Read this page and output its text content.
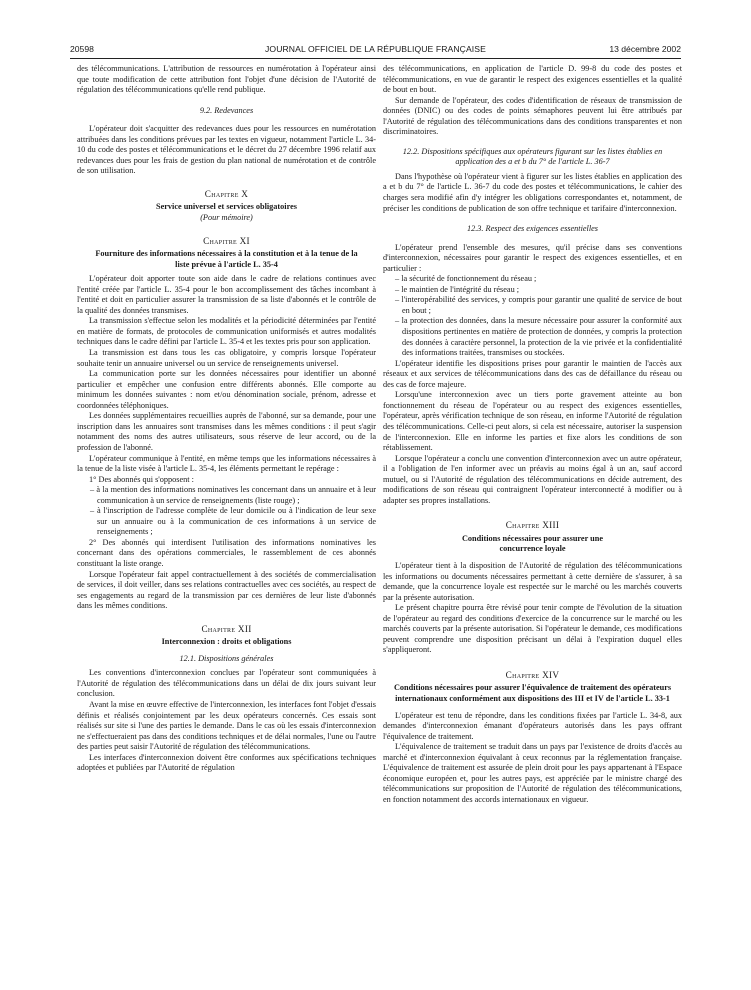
20598	JOURNAL OFFICIEL DE LA RÉPUBLIQUE FRANÇAISE	13 décembre 2002

des télécommunications. L'attribution de ressources en numérotation à l'opérateur ainsi que toute modification de cette attribution font l'objet d'une décision de l'Autorité de régulation des télécommunications qu'elle rend publique.

9.2. Redevances

L'opérateur doit s'acquitter des redevances dues pour les ressources en numérotation attribuées dans les conditions prévues par les textes en vigueur, notamment l'article L. 34-10 du code des postes et télécommunications et le décret du 27 décembre 1996 relatif aux redevances dues pour les frais de gestion du plan national de numérotation et de contrôle de son utilisation.

Chapitre X
Service universel et services obligatoires
(Pour mémoire)
Chapitre XI
Fourniture des informations nécessaires à la constitution et à la tenue de la liste prévue à l'article L. 35-4

L'opérateur doit apporter toute son aide dans le cadre de relations continues avec l'entité créée par l'article L. 35-4 pour le bon accomplissement des tâches incombant à l'entité et doit en particulier assurer la transmission de sa liste d'abonnés et le contrôle de la qualité des données transmises.

La transmission s'effectue selon les modalités et la périodicité déterminées par l'entité en matière de formats, de protocoles de communication uniformisés et autres modalités techniques dans le cadre défini par l'article L. 35-4 et les textes pris pour son application.

La transmission est dans tous les cas obligatoire, y compris lorsque l'opérateur souhaite tenir un annuaire universel ou un service de renseignements universel.

La communication porte sur les données nécessaires pour identifier un abonné particulier et empêcher une confusion entre différents abonnés. Elle comporte au minimum les données suivantes : nom et/ou dénomination sociale, prénom, adresse et coordonnées téléphoniques.

Les données supplémentaires recueillies auprès de l'abonné, sur sa demande, pour une inscription dans les annuaires sont transmises dans les mêmes conditions : il peut s'agir notamment des noms des autres utilisateurs, sous réserve de leur accord, ou de la profession de l'abonné.

L'opérateur communique à l'entité, en même temps que les informations nécessaires à la tenue de la liste visée à l'article L. 35-4, les éléments permettant le repérage :

1° Des abonnés qui s'opposent :

– à la mention des informations nominatives les concernant dans un annuaire et à leur communication à un service de renseignements (liste rouge) ;

– à l'inscription de l'adresse complète de leur domicile ou à l'indication de leur sexe sur un annuaire ou à la communication de ces informations à un service de renseignements ;

2° Des abonnés qui interdisent l'utilisation des informations nominatives les concernant dans des opérations commerciales, le rassemblement de ces abonnés constituant la liste orange.

Lorsque l'opérateur fait appel contractuellement à des sociétés de commercialisation de services, il doit veiller, dans ses relations contractuelles avec ces sociétés, au respect de ses engagements au regard de la transmission par ces dernières de leur liste d'abonnés dans les mêmes conditions.

Chapitre XII
Interconnexion : droits et obligations
12.1. Dispositions générales

Les conventions d'interconnexion conclues par l'opérateur sont communiquées à l'Autorité de régulation des télécommunications dans un délai de dix jours suivant leur conclusion.

Avant la mise en œuvre effective de l'interconnexion, les interfaces font l'objet d'essais définis et réalisés conjointement par les deux opérateurs concernés. Ces essais sont réalisés sur site si l'une des parties le demande. Dans le cas où les essais d'interconnexion ne s'effectueraient pas dans des conditions techniques et de délai normales, l'une ou l'autre des parties peut saisir l'Autorité de régulation des télécommunications.

Les interfaces d'interconnexion doivent être conformes aux spécifications techniques adoptées et publiées par l'Autorité de régulation

des télécommunications, en application de l'article D. 99-8 du code des postes et télécommunications, en vue de garantir le respect des exigences essentielles et la qualité de bout en bout.

Sur demande de l'opérateur, des codes d'identification de réseaux de transmission de données (DNIC) ou des codes de points sémaphores peuvent lui être attribués par l'Autorité de régulation des télécommunications dans des conditions transparentes et non discriminatoires.

12.2. Dispositions spécifiques aux opérateurs figurant sur les listes établies en application des a et b du 7° de l'article L. 36-7

Dans l'hypothèse où l'opérateur vient à figurer sur les listes établies en application des a et b du 7° de l'article L. 36-7 du code des postes et télécommunications, le cahier des charges sera modifié afin d'y intégrer les obligations correspondantes et, notamment, de préciser les conditions de publication de son offre technique et tarifaire d'interconnexion.

12.3. Respect des exigences essentielles

L'opérateur prend l'ensemble des mesures, qu'il précise dans ses conventions d'interconnexion, nécessaires pour garantir le respect des exigences essentielles, et en particulier :

– la sécurité de fonctionnement du réseau ;

– le maintien de l'intégrité du réseau ;

– l'interopérabilité des services, y compris pour garantir une qualité de service de bout en bout ;

– la protection des données, dans la mesure nécessaire pour assurer la conformité aux dispositions pertinentes en matière de protection de données, y compris la protection des données à caractère personnel, la protection de la vie privée et la confidentialité des informations traitées, transmises ou stockées.

L'opérateur identifie les dispositions prises pour garantir le maintien de l'accès aux réseaux et aux services de télécommunications dans des cas de défaillance du réseau ou des cas de force majeure.

Lorsqu'une interconnexion avec un tiers porte gravement atteinte au bon fonctionnement du réseau de l'opérateur ou au respect des exigences essentielles, l'opérateur, après vérification technique de son réseau, en informe l'Autorité de régulation des télécommunications. Celle-ci peut alors, si cela est nécessaire, autoriser la suspension de l'interconnexion. Elle en informe les parties et fixe alors les conditions de son rétablissement.

Lorsque l'opérateur a conclu une convention d'interconnexion avec un autre opérateur, il a l'obligation de l'en informer avec un préavis au moins égal à un an, sauf accord mutuel, ou si l'Autorité de régulation des télécommunications en décide autrement, des modifications de son réseau qui contraignent l'opérateur interconnecté à modifier ou à adapter ses propres installations.

Chapitre XIII
Conditions nécessaires pour assurer une concurrence loyale

L'opérateur tient à la disposition de l'Autorité de régulation des télécommunications les informations ou documents nécessaires permettant à cette dernière de s'assurer, à sa demande, que la concurrence loyale est respectée sur le marché ou les marchés couverts par la présente autorisation.

Le présent chapitre pourra être révisé pour tenir compte de l'évolution de la situation de l'opérateur au regard des conditions d'exercice de la concurrence sur le marché ou les marchés couverts par la présente autorisation. Si l'opérateur le demande, ces modifications peuvent comprendre une disposition précisant un délai à l'expiration duquel elles s'appliqueront.

Chapitre XIV
Conditions nécessaires pour assurer l'équivalence de traitement des opérateurs internationaux conformément aux dispositions des III et IV de l'article L. 33-1

L'opérateur est tenu de répondre, dans les conditions fixées par l'article L. 34-8, aux demandes d'interconnexion émanant d'opérateurs autorisés dans les pays offrant l'équivalence de traitement.

L'équivalence de traitement se traduit dans un pays par l'existence de droits d'accès au marché et d'interconnexion équivalant à ceux reconnus par la réglementation française. L'équivalence de traitement est assurée de plein droit pour les pays appartenant à l'Espace économique européen et, pour les autres pays, est appréciée par le ministre chargé des télécommunications sur proposition de l'Autorité de régulation des télécommunications, en fonction notamment des accords internationaux en vigueur.
